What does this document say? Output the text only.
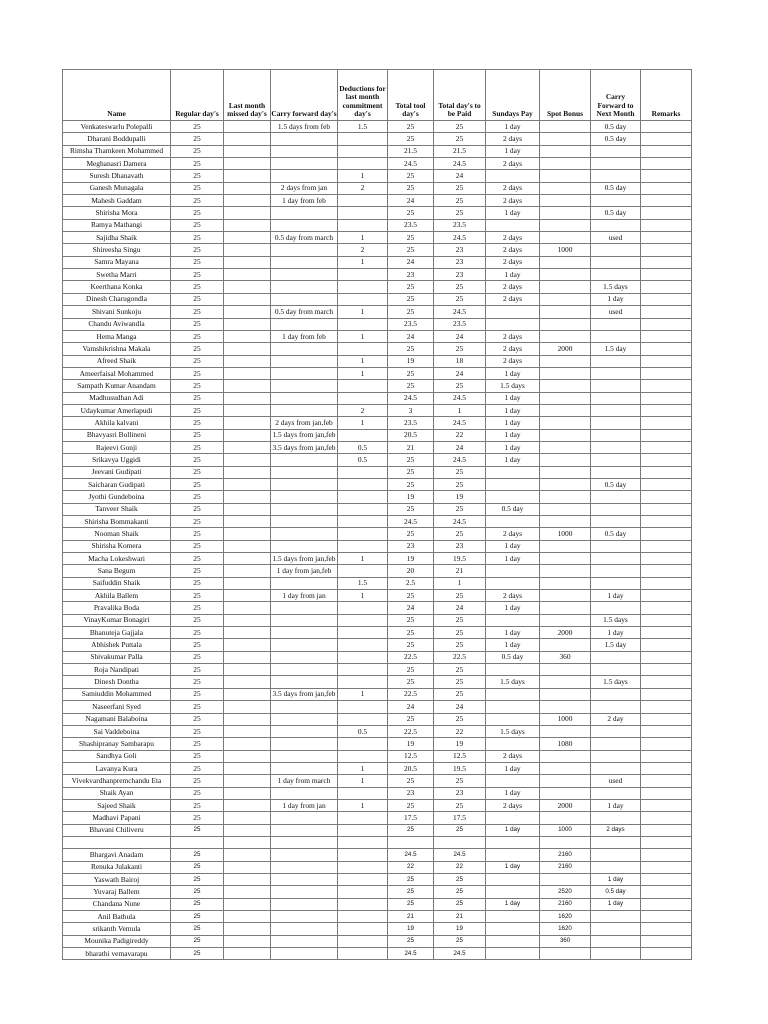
Name	Regular day's	Last month missed day's	Carry forward day's	Deductions for last month commitment day's	Total tool day's	Total day's to be Paid	Sundays Pay	Spot Bonus	Carry Forward to Next Month	Remarks
Venkateswarlu Polepalli	25		1.5 days from feb	1.5	25	25	1 day		0.5 day	
Dharani Boddupalli	25				25	25	2 days		0.5 day	
Rimsha Thamkeen Mohammed	25				21.5	21.5	1 day			
Meghanasri Damera	25				24.5	24.5	2 days			
Suresh Dhanavath	25			1	25	24				
Ganesh Munagala	25		2 days from jan	2	25	25	2 days		0.5 day	
Mahesh Gaddam	25		1 day from feb		24	25	2 days			
Shirisha Mora	25				25	25	1 day		0.5 day	
Ramya Mathangi	25				23.5	23.5				
Sajidha Shaik	25		0.5 day from march	1	25	24.5	2 days		used	
Shireesha Singu	25			2	25	23	2 days	1000		
Samra Mayana	25			1	24	23	2 days			
Swetha Marri	25				23	23	1 day			
Keerthana Konka	25				25	25	2 days		1.5 days	
Dinesh Charugondla	25				25	25	2 days		1 day	
Shivani Sunkoju	25		0.5 day from march	1	25	24.5			used	
Chandu Aviwandla	25				23.5	23.5				
Hema Manga	25		1 day from feb	1	24	24	2 days			
Vamshikrishna Makala	25				25	25	2 days	2000	1.5 day	
Afreed Shaik	25			1	19	18	2 days			
Ameerfaisal Mohammed	25			1	25	24	1 day			
Sampath Kumar Anandam	25				25	25	1.5 days			
Madhusudhan Adi	25				24.5	24.5	1 day			
Udaykumar Amerlapudi	25			2	3	1	1 day			
Akhila kalvani	25		2 days from jan,feb	1	23.5	24.5	1 day			
Bhavyasri Bollineni	25		1.5 days from jan,feb		20.5	22	1 day			
Rajeevi Gonji	25		3.5 days from jan,feb	0.5	21	24	1 day			
Srikavya Uggidi	25			0.5	25	24.5	1 day			
Jeevani Gudipati	25				25	25				
Saicharan Gudipati	25				25	25			0.5 day	
Jyothi Gundeboina	25				19	19				
Tanveer Shaik	25				25	25	0.5 day			
Shirisha Bommakanti	25				24.5	24.5				
Nooman Shaik	25				25	25	2 days	1000	0.5 day	
Shirisha Komera	25				23	23	1 day			
Macha Lokeshwari	25		1.5 days from jan,feb	1	19	19.5	1 day			
Sana Begum	25		1 day from jan,feb		20	21				
Saifuddin Shaik	25			1.5	2.5	1				
Akhila Ballem	25		1 day from jan	1	25	25	2 days		1 day	
Pravalika Boda	25				24	24	1 day			
VinayKumar Bonagiri	25				25	25			1.5 days	
Bhanuteja Gajjala	25				25	25	1 day	2000	1 day	
Abhishek Puttala	25				25	25	1 day		1.5 day	
Shivakumar Palla	25				22.5	22.5	0.5 day	360		
Roja Nandipati	25				25	25				
Dinesh Dontha	25				25	25	1.5 days		1.5 days	
Samiuddin Mohammed	25		3.5 days from jan,feb	1	22.5	25				
Naseerfani Syed	25				24	24				
Nagamani Balaboina	25				25	25		1000	2 day	
Sai Vaddeboina	25			0.5	22.5	22	1.5 days			
Shashipranay Sambarapu	25				19	19		1080		
Sandhya Goli	25				12.5	12.5	2 days			
Lavanya Kura	25			1	20.5	19.5	1 day			
Vivekvardhanpremchandu Eta	25		1 day from march	1	25	25			used	
Shaik Ayan	25				23	23	1 day			
Sajeed Shaik	25		1 day from jan	1	25	25	2 days	2000	1 day	
Madhavi Papani	25				17.5	17.5				
Bhavani Chiliveru	25				25	25	1 day	1000	2 days	

Bhargavi Anadam	25				24.5	24.5		2160		
Renuka Julakanti	25				22	22	1 day	2160		
Yaswath Bairoj	25				25	25			1 day	
Yuvaraj Ballem	25				25	25		2520	0.5 day	
Chandana Nune	25				25	25	1 day	2160	1 day	
Anil Bathula	25				21	21		1620		
srikanth Vemula	25				19	19		1620		
Mounika Padigireddy	25				25	25		360		
bharathi vemavarapu	25				24.5	24.5				
